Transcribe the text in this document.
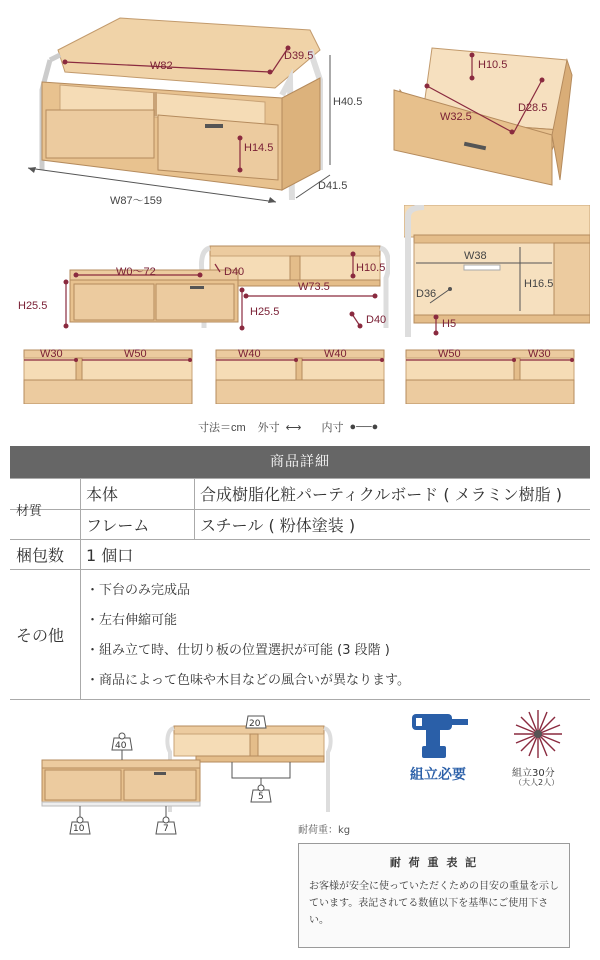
W82
D39.5
H40.5
H14.5
W87〜159
D41.5
H10.5
W32.5
D28.5
W0〜72	D40	H10.5
H25.5
W73.5
H25.5
D40
W38
H16.5
D36
H5
W30	W50	W40	W40	W50	W30
寸法＝cm 外寸 ⟷ 内寸 ●──●
商品詳細
本体	合成樹脂化粧パーティクルボード ( メラミン樹脂 )
フレーム	スチール ( 粉体塗装 )
材質
梱包数	1 個口
その他
・下台のみ完成品
・左右伸縮可能
・組み立て時、仕切り板の位置選択が可能 (3 段階 )
・商品によって色味や木目などの風合いが異なります。
40
20
5
10	7	耐荷重：kg
組立必要	組立30分
（大人2人）
耐 荷 重 表 記
お客様が安全に使っていただくための目安の重量を示しています。表記されてる数値以下を基準にご使用下さい。
